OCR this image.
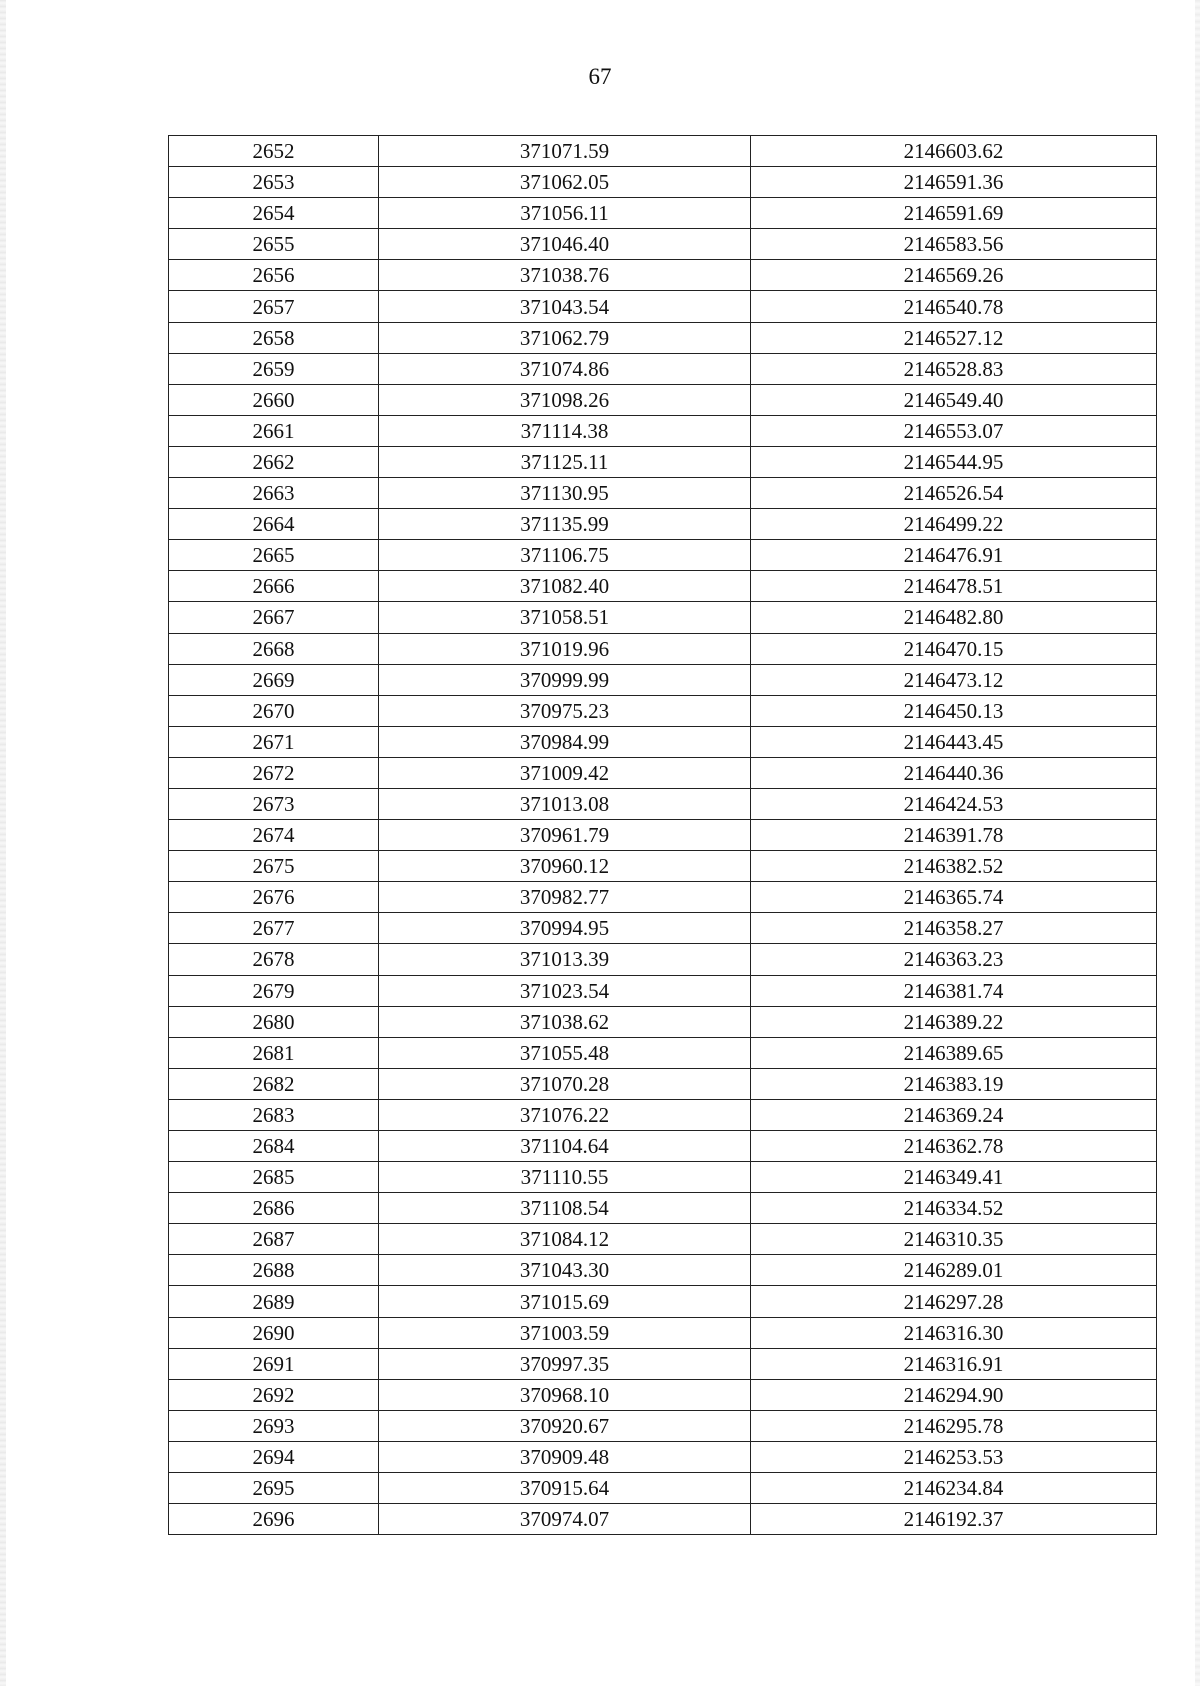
67
2652	371071.59	2146603.62
2653	371062.05	2146591.36
2654	371056.11	2146591.69
2655	371046.40	2146583.56
2656	371038.76	2146569.26
2657	371043.54	2146540.78
2658	371062.79	2146527.12
2659	371074.86	2146528.83
2660	371098.26	2146549.40
2661	371114.38	2146553.07
2662	371125.11	2146544.95
2663	371130.95	2146526.54
2664	371135.99	2146499.22
2665	371106.75	2146476.91
2666	371082.40	2146478.51
2667	371058.51	2146482.80
2668	371019.96	2146470.15
2669	370999.99	2146473.12
2670	370975.23	2146450.13
2671	370984.99	2146443.45
2672	371009.42	2146440.36
2673	371013.08	2146424.53
2674	370961.79	2146391.78
2675	370960.12	2146382.52
2676	370982.77	2146365.74
2677	370994.95	2146358.27
2678	371013.39	2146363.23
2679	371023.54	2146381.74
2680	371038.62	2146389.22
2681	371055.48	2146389.65
2682	371070.28	2146383.19
2683	371076.22	2146369.24
2684	371104.64	2146362.78
2685	371110.55	2146349.41
2686	371108.54	2146334.52
2687	371084.12	2146310.35
2688	371043.30	2146289.01
2689	371015.69	2146297.28
2690	371003.59	2146316.30
2691	370997.35	2146316.91
2692	370968.10	2146294.90
2693	370920.67	2146295.78
2694	370909.48	2146253.53
2695	370915.64	2146234.84
2696	370974.07	2146192.37
